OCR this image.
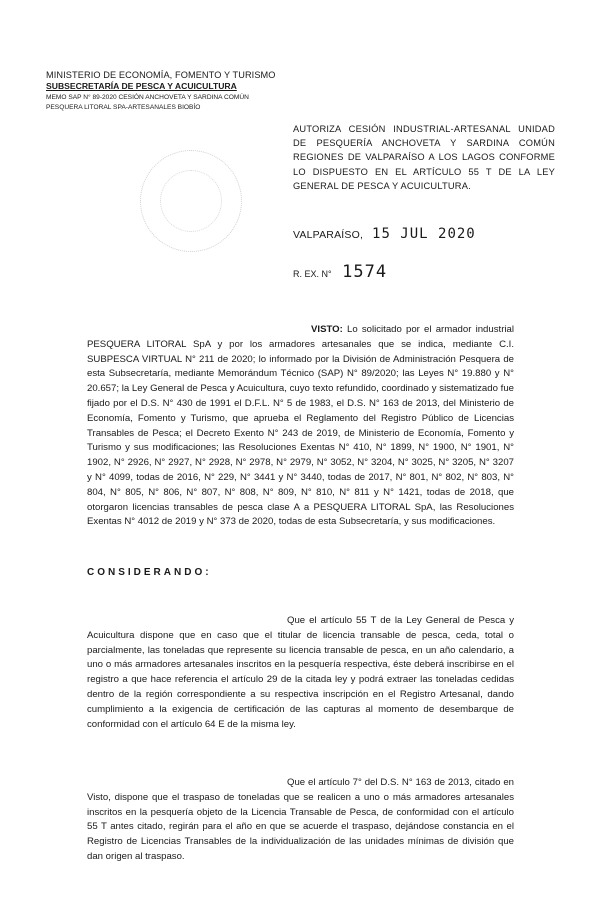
MINISTERIO DE ECONOMÍA, FOMENTO Y TURISMO
SUBSECRETARÍA DE PESCA Y ACUICULTURA
MEMO SAP N° 89-2020 CESIÓN ANCHOVETA Y SARDINA COMÚN
PESQUERA LITORAL SPA-ARTESANALES BIOBÍO
AUTORIZA CESIÓN INDUSTRIAL-ARTESANAL UNIDAD DE PESQUERÍA ANCHOVETA Y SARDINA COMÚN REGIONES DE VALPARAÍSO A LOS LAGOS CONFORME LO DISPUESTO EN EL ARTÍCULO 55 T DE LA LEY GENERAL DE PESCA Y ACUICULTURA.
VALPARAÍSO, 15 JUL 2020
R. EX. N° 1574
VISTO: Lo solicitado por el armador industrial PESQUERA LITORAL SpA y por los armadores artesanales que se indica, mediante C.I. SUBPESCA VIRTUAL N° 211 de 2020; lo informado por la División de Administración Pesquera de esta Subsecretaría, mediante Memorándum Técnico (SAP) N° 89/2020; las Leyes N° 19.880 y N° 20.657; la Ley General de Pesca y Acuicultura, cuyo texto refundido, coordinado y sistematizado fue fijado por el D.S. N° 430 de 1991 el D.F.L. N° 5 de 1983, el D.S. N° 163 de 2013, del Ministerio de Economía, Fomento y Turismo, que aprueba el Reglamento del Registro Público de Licencias Transables de Pesca; el Decreto Exento N° 243 de 2019, de Ministerio de Economía, Fomento y Turismo y sus modificaciones; las Resoluciones Exentas N° 410, N° 1899, N° 1900, N° 1901, N° 1902, N° 2926, N° 2927, N° 2928, N° 2978, N° 2979, N° 3052, N° 3204, N° 3025, N° 3205, N° 3207 y N° 4099, todas de 2016, N° 229, N° 3441 y N° 3440, todas de 2017, N° 801, N° 802, N° 803, N° 804, N° 805, N° 806, N° 807, N° 808, N° 809, N° 810, N° 811 y N° 1421, todas de 2018, que otorgaron licencias transables de pesca clase A a PESQUERA LITORAL SpA, las Resoluciones Exentas N° 4012 de 2019 y N° 373 de 2020, todas de esta Subsecretaría, y sus modificaciones.
CONSIDERANDO:
Que el artículo 55 T de la Ley General de Pesca y Acuicultura dispone que en caso que el titular de licencia transable de pesca, ceda, total o parcialmente, las toneladas que represente su licencia transable de pesca, en un año calendario, a uno o más armadores artesanales inscritos en la pesquería respectiva, éste deberá inscribirse en el registro a que hace referencia el artículo 29 de la citada ley y podrá extraer las toneladas cedidas dentro de la región correspondiente a su respectiva inscripción en el Registro Artesanal, dando cumplimiento a la exigencia de certificación de las capturas al momento de desembarque de conformidad con el artículo 64 E de la misma ley.
Que el artículo 7° del D.S. N° 163 de 2013, citado en Visto, dispone que el traspaso de toneladas que se realicen a uno o más armadores artesanales inscritos en la pesquería objeto de la Licencia Transable de Pesca, de conformidad con el artículo 55 T antes citado, regirán para el año en que se acuerde el traspaso, dejándose constancia en el Registro de Licencias Transables de la individualización de las unidades mínimas de división que dan origen al traspaso.
